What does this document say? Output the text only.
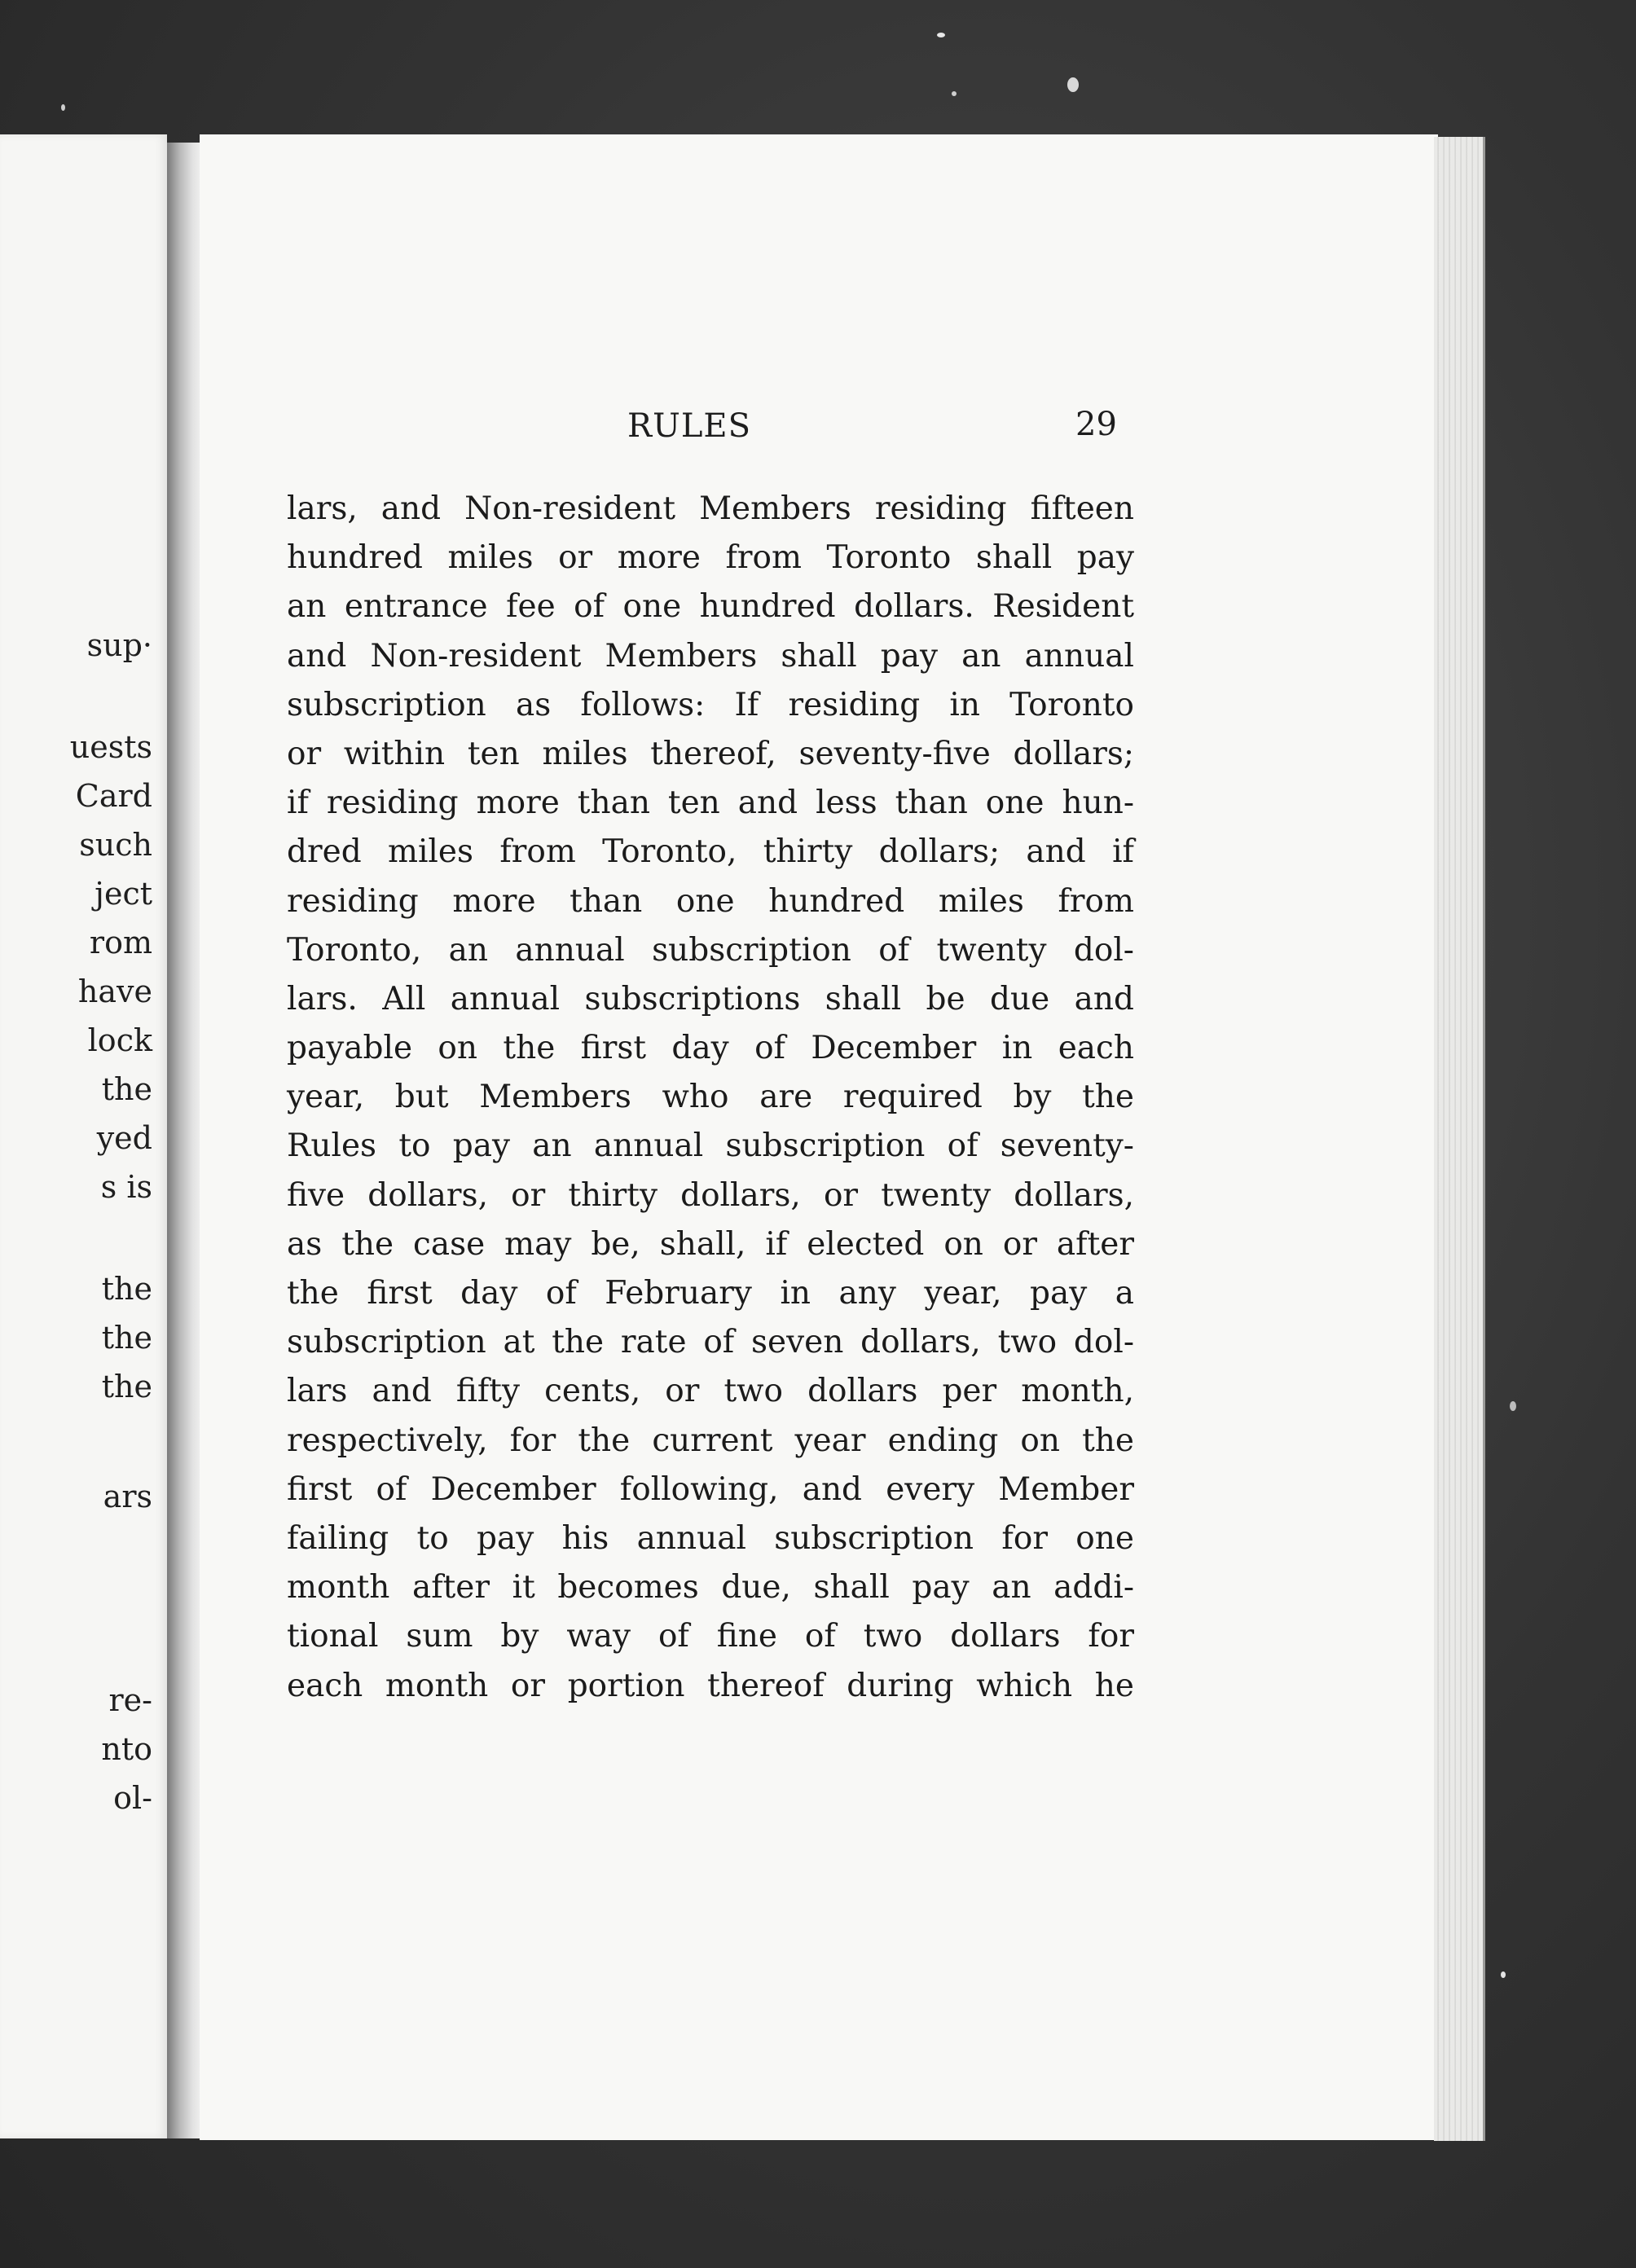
sup·
uests
Card
such
ject
rom
have
lock
the
yed
s is
the
the
the
ars
re-
nto
ol-
RULES	29
lars, and Non-resident Members residing fifteen
hundred miles or more from Toronto shall pay
an entrance fee of one hundred dollars. Resident
and Non-resident Members shall pay an annual
subscription as follows: If residing in Toronto
or within ten miles thereof, seventy-five dollars;
if residing more than ten and less than one hun-
dred miles from Toronto, thirty dollars; and if
residing more than one hundred miles from
Toronto, an annual subscription of twenty dol-
lars. All annual subscriptions shall be due and
payable on the first day of December in each
year, but Members who are required by the
Rules to pay an annual subscription of seventy-
five dollars, or thirty dollars, or twenty dollars,
as the case may be, shall, if elected on or after
the first day of February in any year, pay a
subscription at the rate of seven dollars, two dol-
lars and fifty cents, or two dollars per month,
respectively, for the current year ending on the
first of December following, and every Member
failing to pay his annual subscription for one
month after it becomes due, shall pay an addi-
tional sum by way of fine of two dollars for
each month or portion thereof during which he
